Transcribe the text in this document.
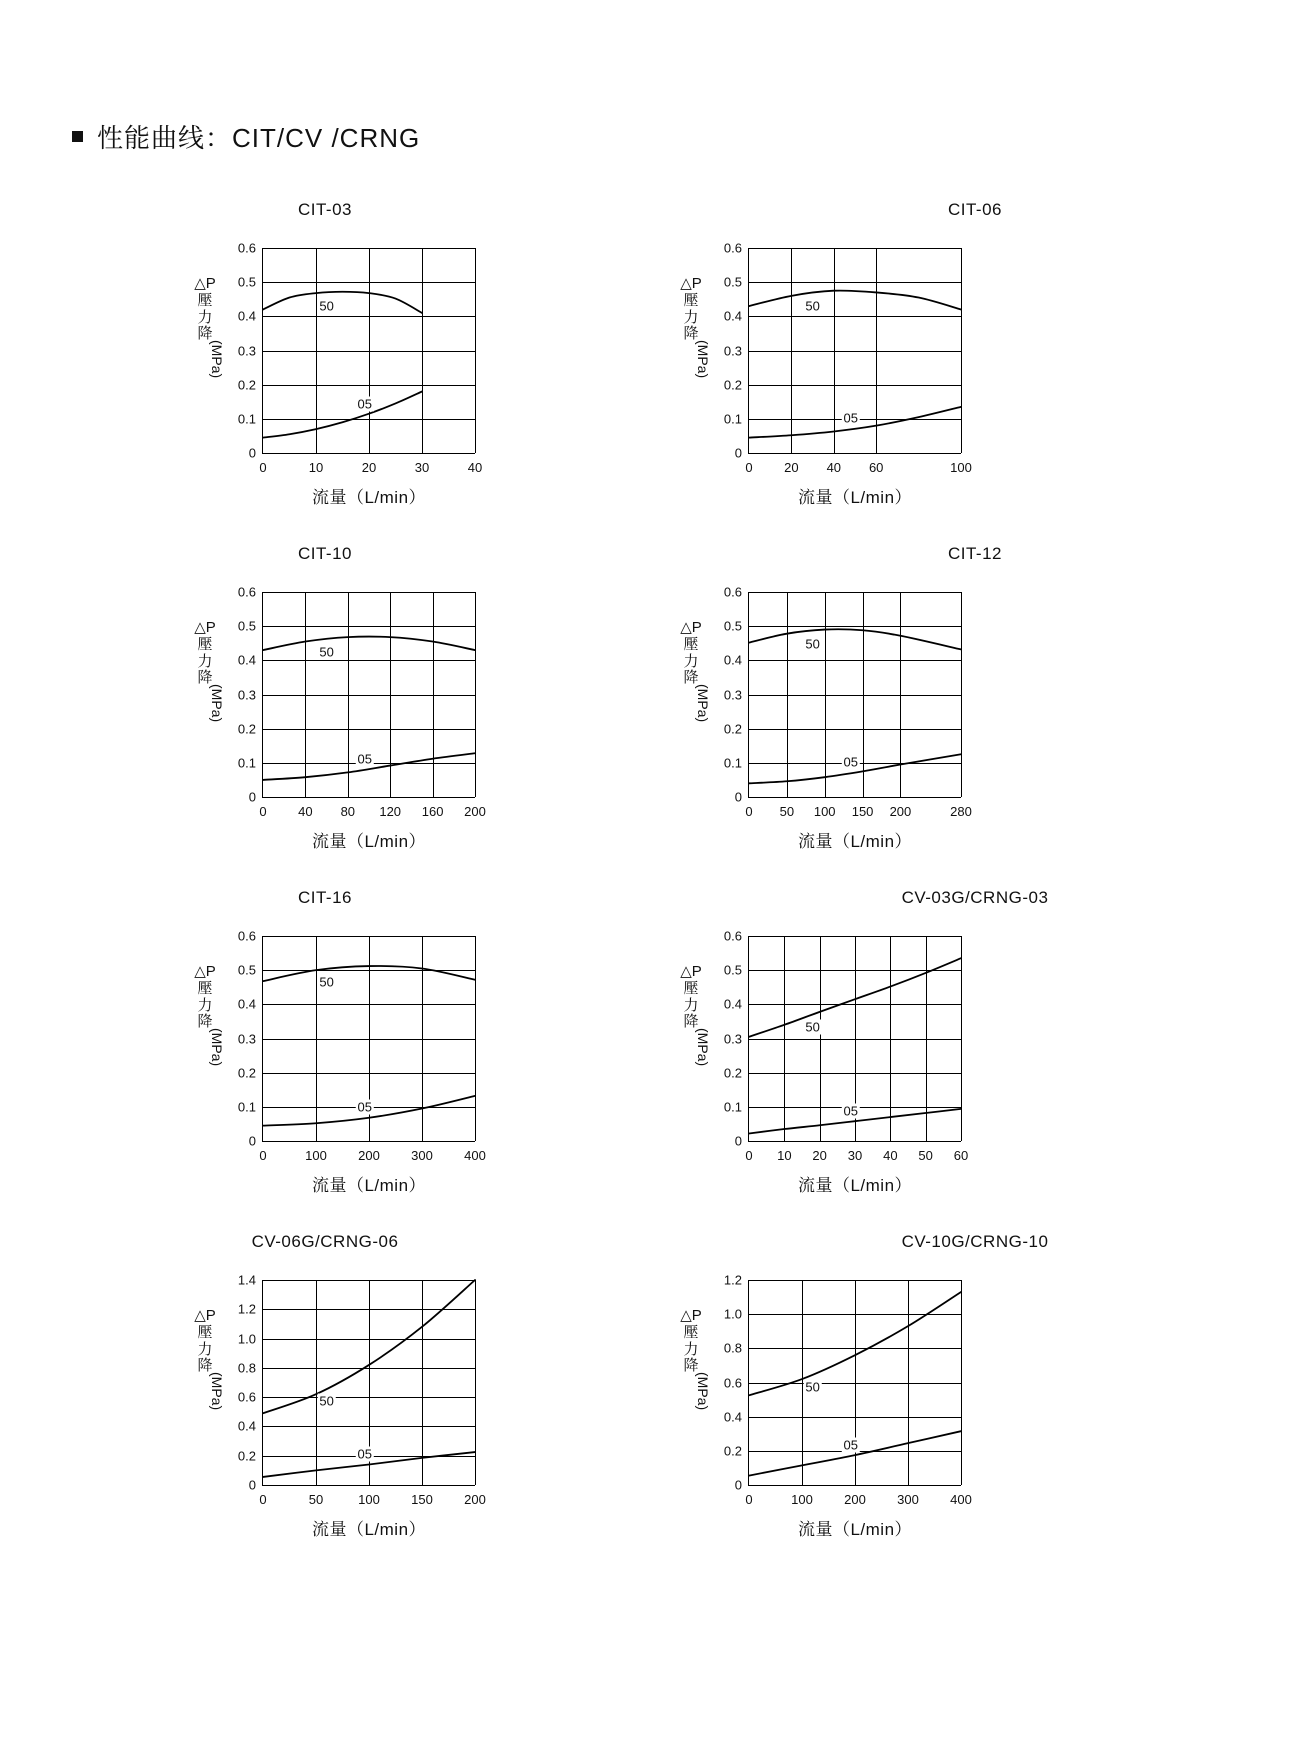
性能曲线：CIT/CV /CRNG
CIT-03
0
0.1
0.2
0.3
0.4
0.5
0.6
0	10	20	30	40
50
05
流量（L/min）
△P
壓
力
降
(MPa)
CIT-06
0
0.1
0.2
0.3
0.4
0.5
0.6
0 20 40 60	100
50
05
流量（L/min）
△P
壓
力
降
(MPa)
CIT-10
0
0.1
0.2
0.3
0.4
0.5
0.6
0 40 80 120 160 200
50
05
流量（L/min）
△P
壓
力
降
(MPa)
CIT-12
0
0.1
0.2
0.3
0.4
0.5
0.6
0 50 100 150 200	280
50
05
流量（L/min）
△P
壓
力
降
(MPa)
CIT-16
0
0.1
0.2
0.3
0.4
0.5
0.6
0	100 200 300 400
50
05
流量（L/min）
△P
壓
力
降
(MPa)
CV-03G/CRNG-03
0
0.1
0.2
0.3
0.4
0.5
0.6
0 10 20 30 40 50 60
50
05
流量（L/min）
△P
壓
力
降
(MPa)
CV-06G/CRNG-06
0
0.2
0.4
0.6
0.8
1.0
1.2
1.4
0	50	100 150 200
50
05
流量（L/min）
△P
壓
力
降
(MPa)
CV-10G/CRNG-10
0
0.2
0.4
0.6
0.8
1.0
1.2
0	100 200 300 400
50
05
流量（L/min）
△P
壓
力
降
(MPa)
